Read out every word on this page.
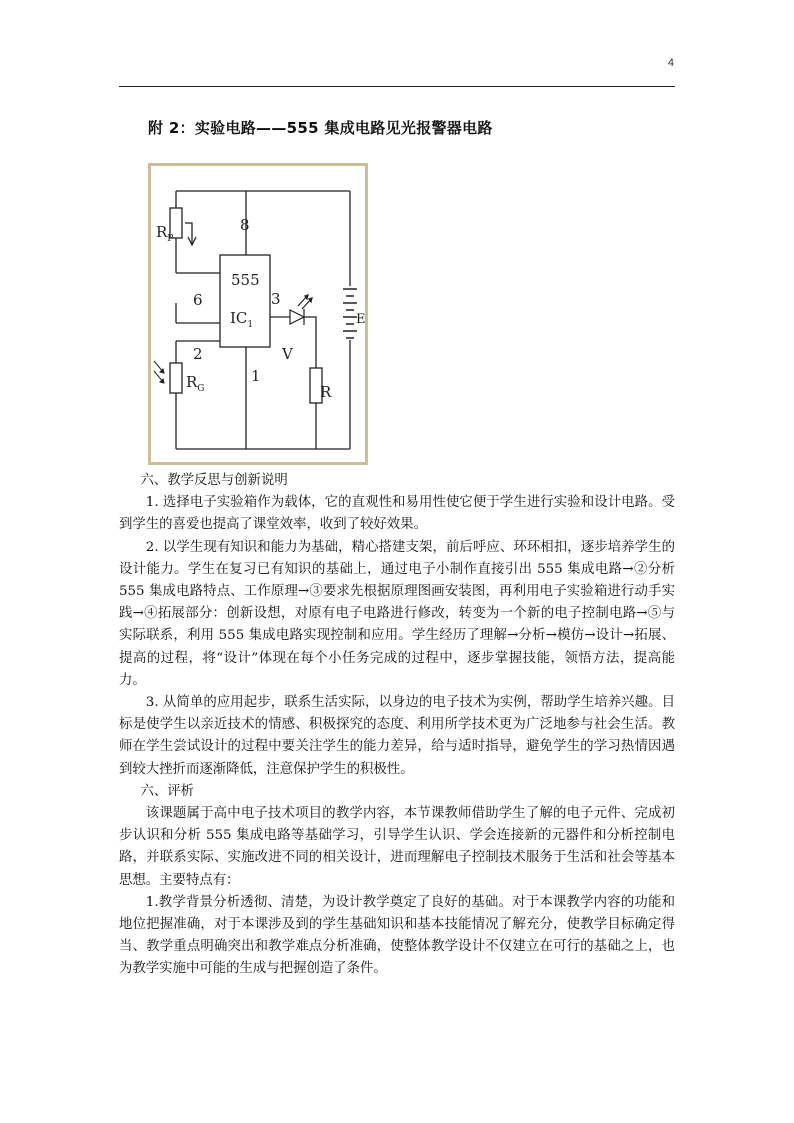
4
附 2：实验电路——555 集成电路见光报警器电路
$R_P$
8
555
$IC_1$
3
6
2
1
V
$R_G$	R
E

六、教学反思与创新说明

1. 选择电子实验箱作为载体，它的直观性和易用性使它便于学生进行实验和设计电路。受到学生的喜爱也提高了课堂效率，收到了较好效果。

2. 以学生现有知识和能力为基础，精心搭建支架，前后呼应、环环相扣，逐步培养学生的设计能力。学生在复习已有知识的基础上，通过电子小制作直接引出 555 集成电路→②分析 555 集成电路特点、工作原理→③要求先根据原理图画安装图，再利用电子实验箱进行动手实践→④拓展部分：创新设想，对原有电子电路进行修改，转变为一个新的电子控制电路→⑤与实际联系，利用 555 集成电路实现控制和应用。学生经历了理解→分析→模仿→设计→拓展、提高的过程，将“设计”体现在每个小任务完成的过程中，逐步掌握技能，领悟方法，提高能力。

3. 从简单的应用起步，联系生活实际，以身边的电子技术为实例，帮助学生培养兴趣。目标是使学生以亲近技术的情感、积极探究的态度、利用所学技术更为广泛地参与社会生活。教师在学生尝试设计的过程中要关注学生的能力差异，给与适时指导，避免学生的学习热情因遇到较大挫折而逐渐降低，注意保护学生的积极性。

六、评析

该课题属于高中电子技术项目的教学内容，本节课教师借助学生了解的电子元件、完成初步认识和分析 555 集成电路等基础学习，引导学生认识、学会连接新的元器件和分析控制电路，并联系实际、实施改进不同的相关设计，进而理解电子控制技术服务于生活和社会等基本思想。主要特点有：

1.教学背景分析透彻、清楚，为设计教学奠定了良好的基础。对于本课教学内容的功能和地位把握准确，对于本课涉及到的学生基础知识和基本技能情况了解充分，使教学目标确定得当、教学重点明确突出和教学难点分析准确，使整体教学设计不仅建立在可行的基础之上，也为教学实施中可能的生成与把握创造了条件。
